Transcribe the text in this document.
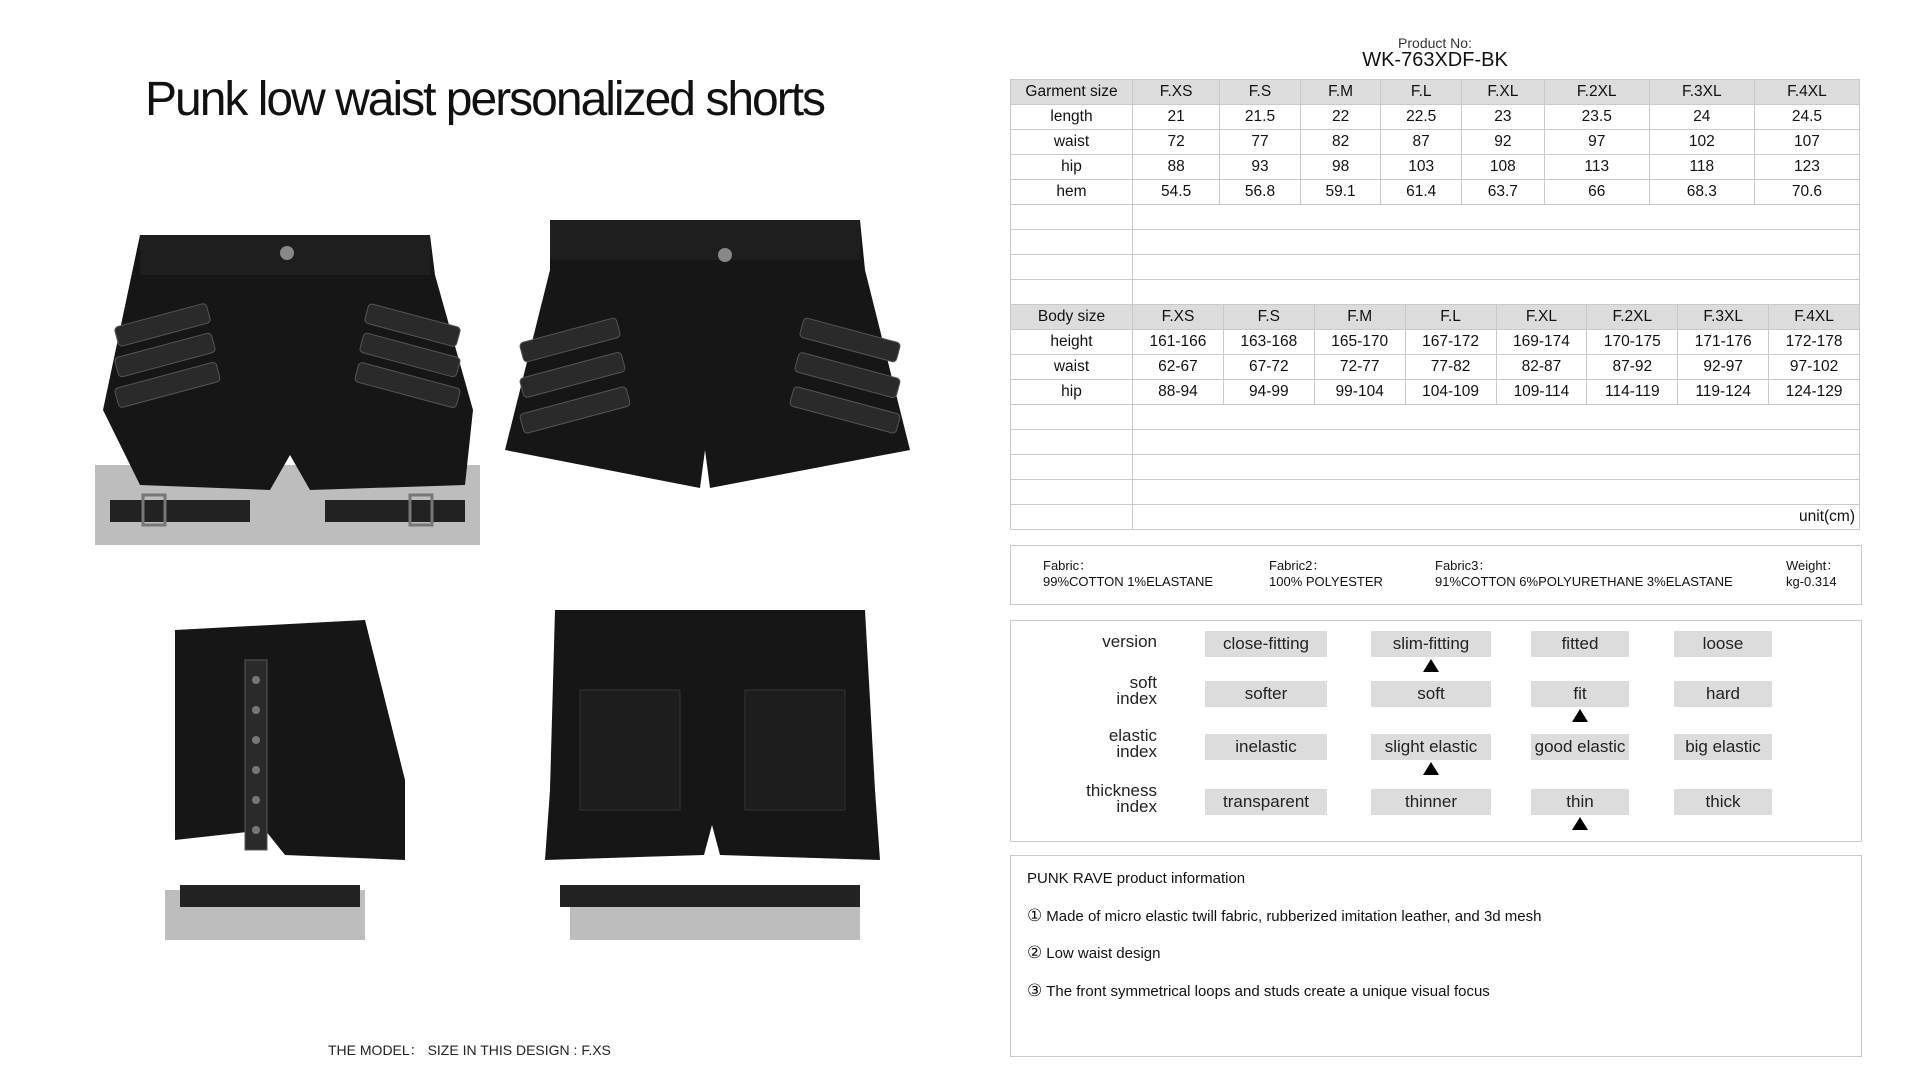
Punk low waist personalized shorts
THE MODEL： SIZE IN THIS DESIGN : F.XS
Product No:
WK-763XDF-BK
Garment size	F.XS	F.S	F.M	F.L	F.XL	F.2XL	F.3XL	F.4XL
length	21	21.5	22	22.5	23	23.5	24	24.5
waist	72	77	82	87	92	97	102	107
hip	88	93	98	103	108	113	118	123
hem	54.5	56.8	59.1	61.4	63.7	66	68.3	70.6

Body size	F.XS	F.S	F.M	F.L	F.XL	F.2XL	F.3XL	F.4XL
height	161-166	163-168	165-170	167-172	169-174	170-175	171-176	172-178
waist	62-67	67-72	72-77	77-82	82-87	87-92	92-97	97-102
hip	88-94	94-99	99-104	104-109	109-114	114-119	119-124	124-129

	unit(cm)							
Fabric：
99%COTTON 1%ELASTANE
Fabric2：
100% POLYESTER
Fabric3：
91%COTTON 6%POLYURETHANE 3%ELASTANE
Weight：
kg-0.314
version	close-fitting	slim-fitting	fitted	loose
soft
index	softer	soft	fit	hard
elastic
index	inelastic	slight elastic	good elastic	big elastic
thickness
index	transparent	thinner	thin	thick
PUNK RAVE product information
① Made of micro elastic twill fabric, rubberized imitation leather, and 3d mesh
② Low waist design
③ The front symmetrical loops and studs create a unique visual focus
